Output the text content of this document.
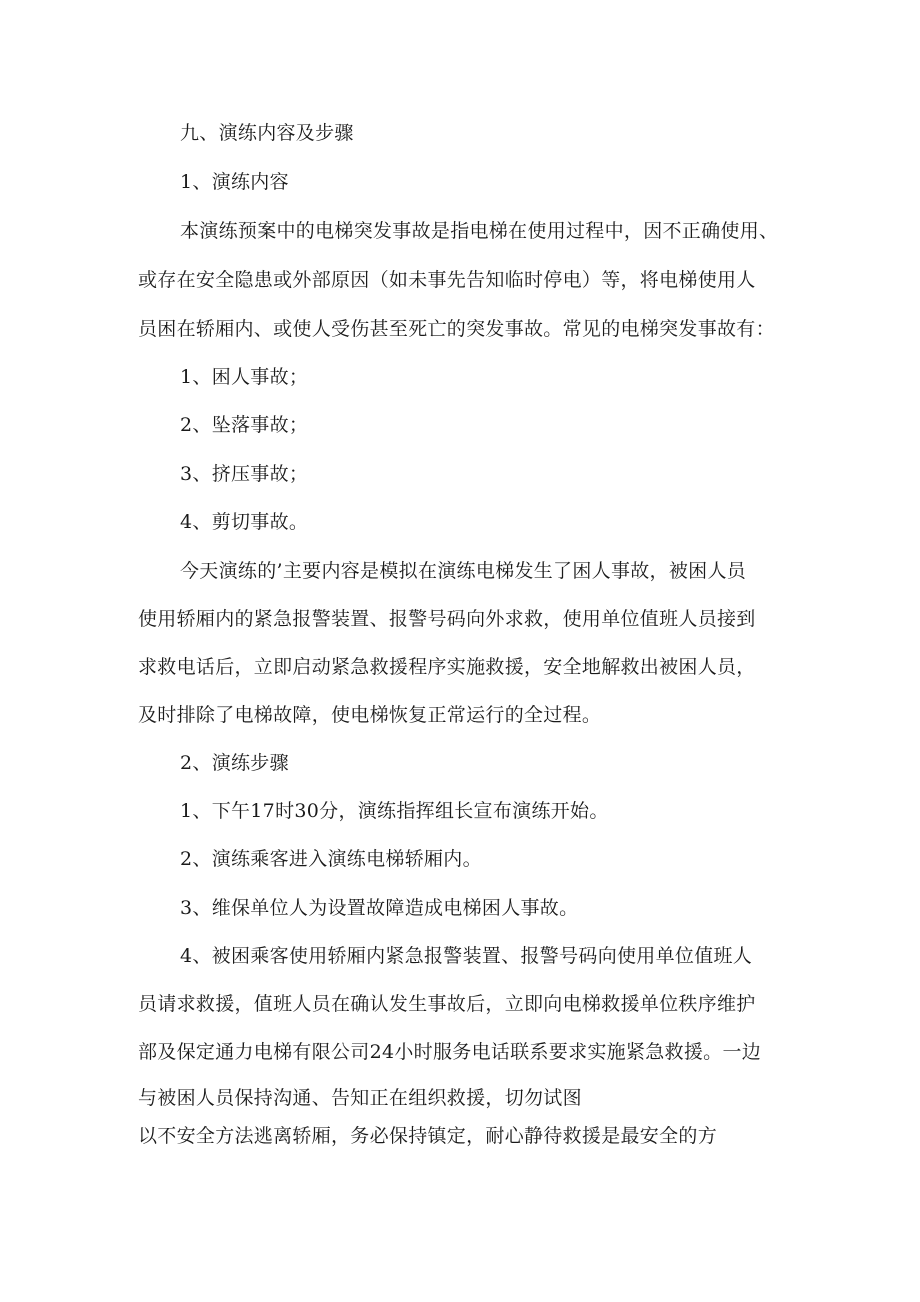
九、演练内容及步骤
1、演练内容
本演练预案中的电梯突发事故是指电梯在使用过程中，因不正确使用、
或存在安全隐患或外部原因（如未事先告知临时停电）等，将电梯使用人
员困在轿厢内、或使人受伤甚至死亡的突发事故。常见的电梯突发事故有：
1、困人事故；
2、坠落事故；
3、挤压事故；
4、剪切事故。
今天演练的’主要内容是模拟在演练电梯发生了困人事故，被困人员
使用轿厢内的紧急报警装置、报警号码向外求救，使用单位值班人员接到
求救电话后，立即启动紧急救援程序实施救援，安全地解救出被困人员，
及时排除了电梯故障，使电梯恢复正常运行的全过程。
2、演练步骤
1、下午17时30分，演练指挥组长宣布演练开始。
2、演练乘客进入演练电梯轿厢内。
3、维保单位人为设置故障造成电梯困人事故。
4、被困乘客使用轿厢内紧急报警装置、报警号码向使用单位值班人
员请求救援，值班人员在确认发生事故后，立即向电梯救援单位秩序维护
部及保定通力电梯有限公司24小时服务电话联系要求实施紧急救援。一边
与被困人员保持沟通、告知正在组织救援，切勿试图
以不安全方法逃离轿厢，务必保持镇定，耐心静待救援是最安全的方
